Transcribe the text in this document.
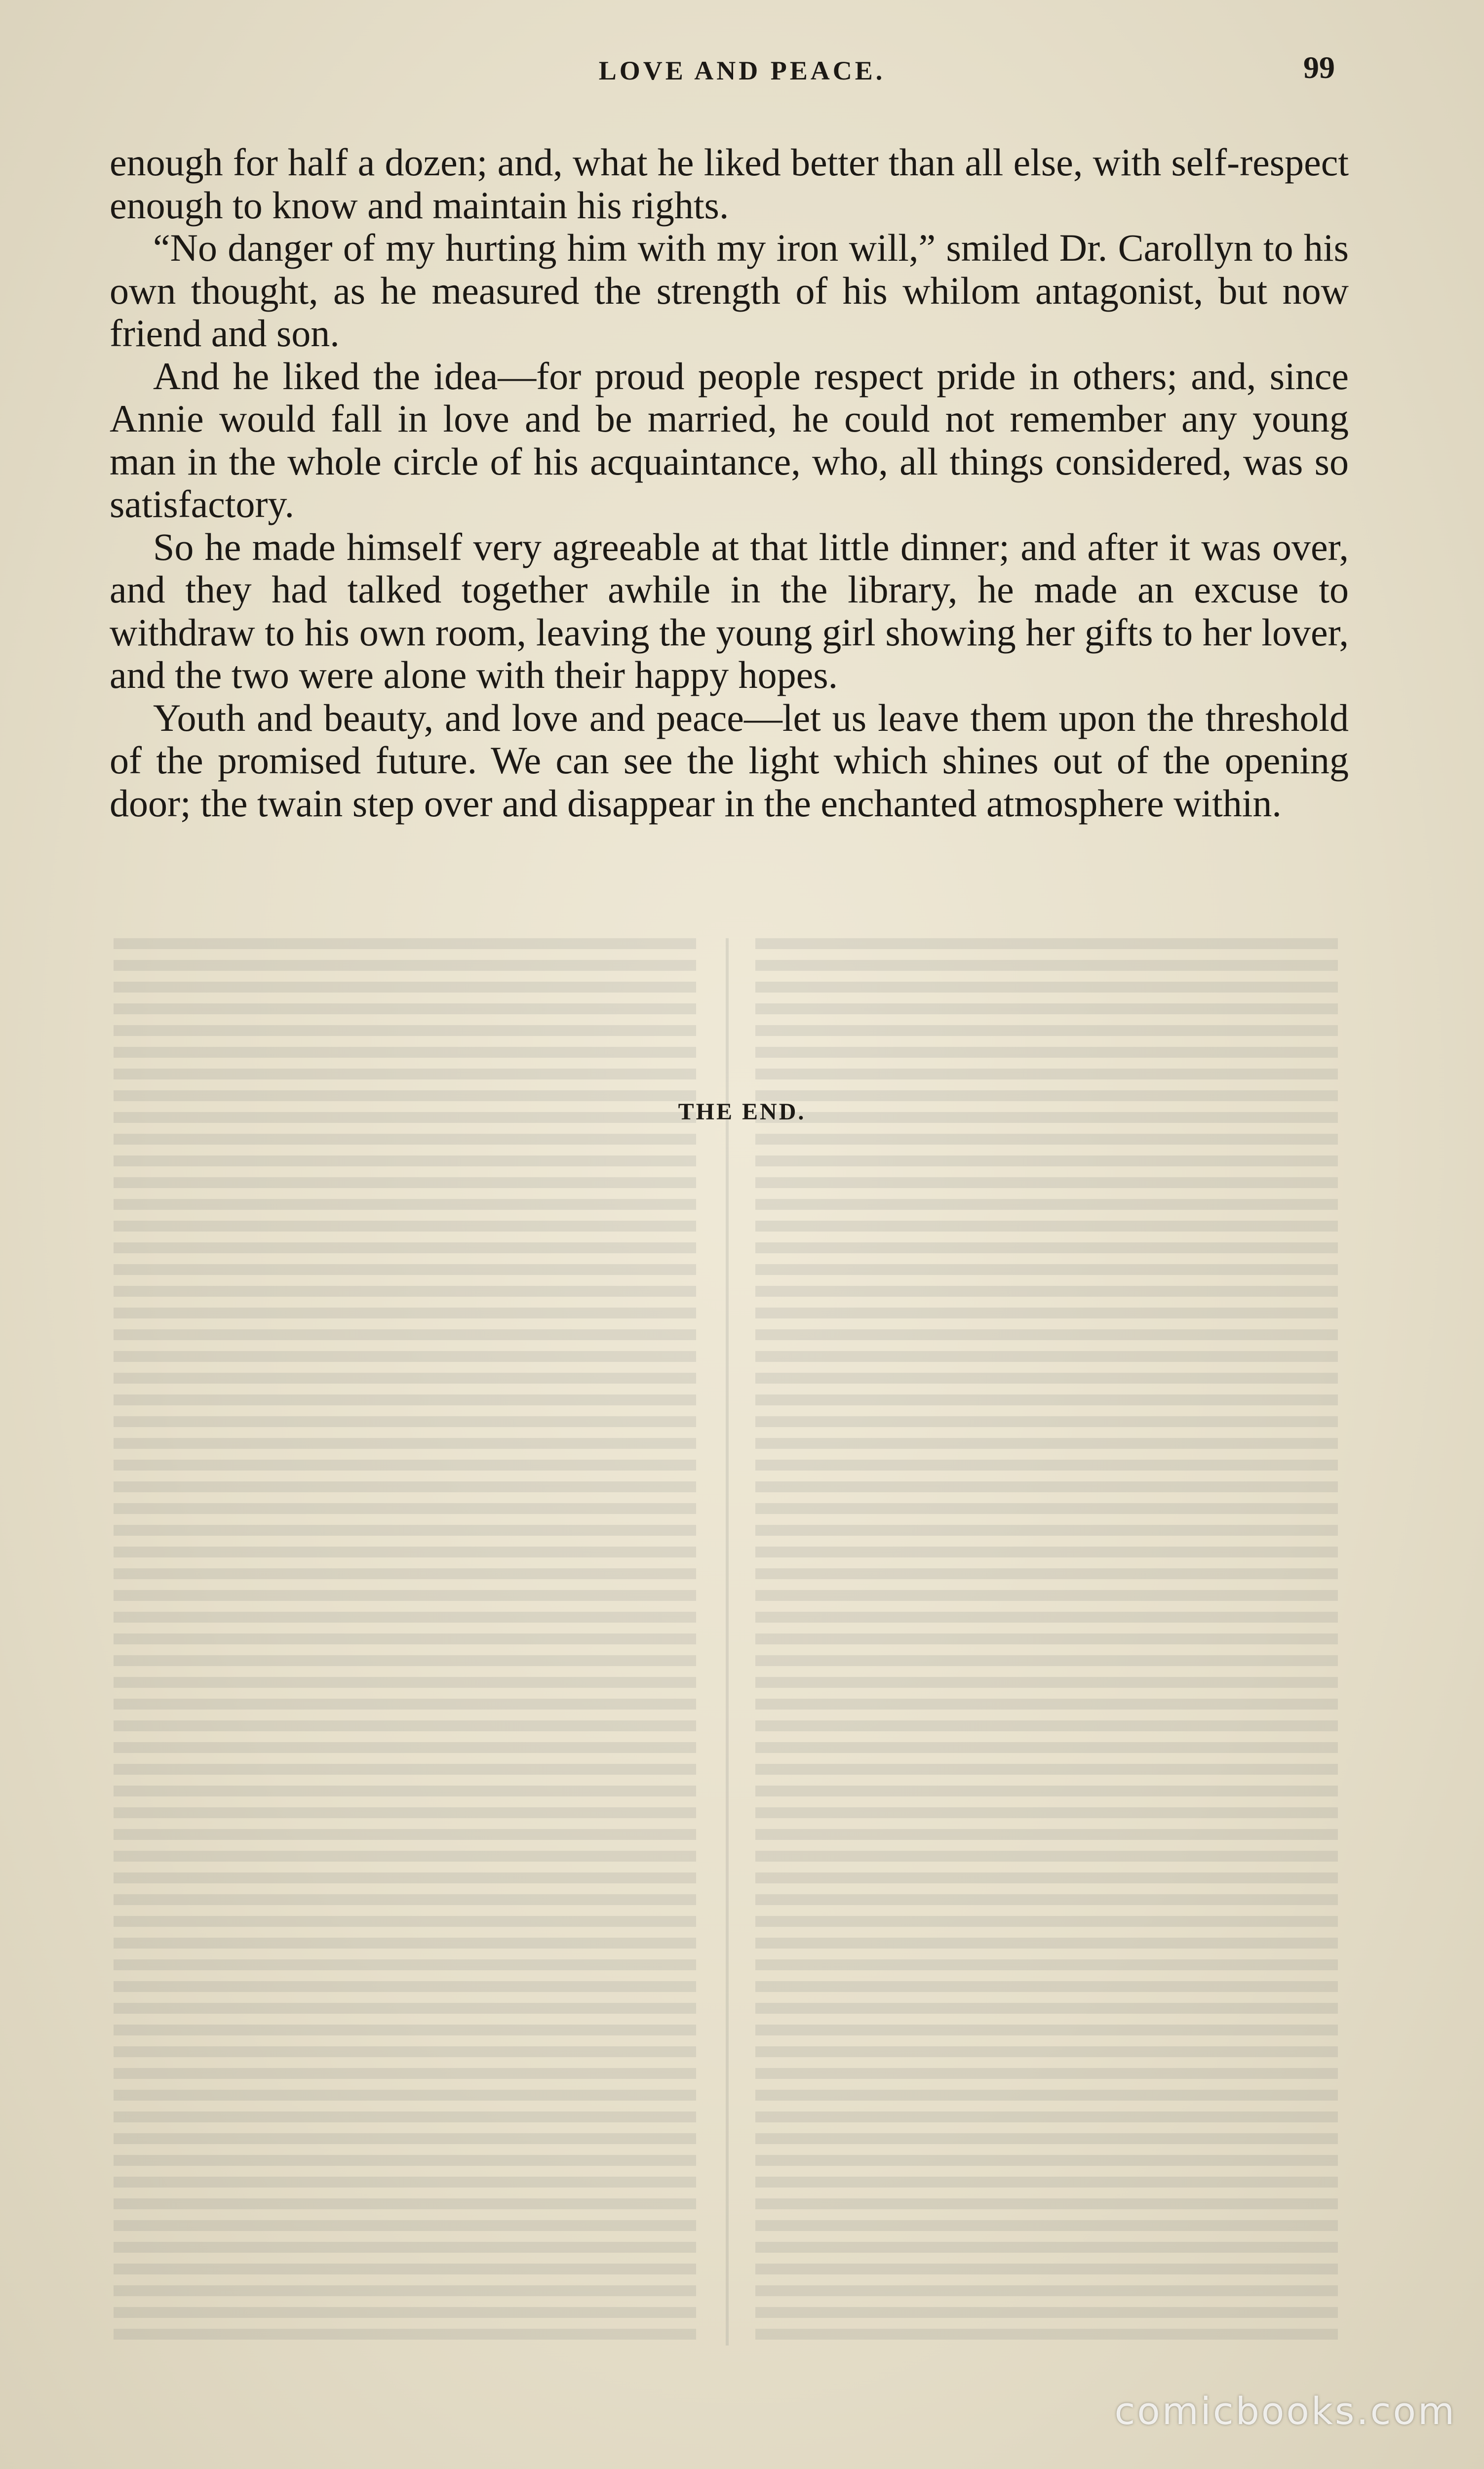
LOVE AND PEACE.	99

enough for half a dozen; and, what he liked better than all else, with self-respect enough to know and maintain his rights.

“No danger of my hurting him with my iron will,” smiled Dr. Carollyn to his own thought, as he measured the strength of his whilom antagonist, but now friend and son.

And he liked the idea—for proud people respect pride in others; and, since Annie would fall in love and be married, he could not remember any young man in the whole circle of his acquaintance, who, all things considered, was so satisfactory.

So he made himself very agreeable at that little dinner; and after it was over, and they had talked together awhile in the library, he made an excuse to withdraw to his own room, leaving the young girl showing her gifts to her lover, and the two were alone with their happy hopes.

Youth and beauty, and love and peace—let us leave them upon the threshold of the promised future. We can see the light which shines out of the opening door; the twain step over and disappear in the enchanted atmosphere within.

THE END.
comicbooks.com
